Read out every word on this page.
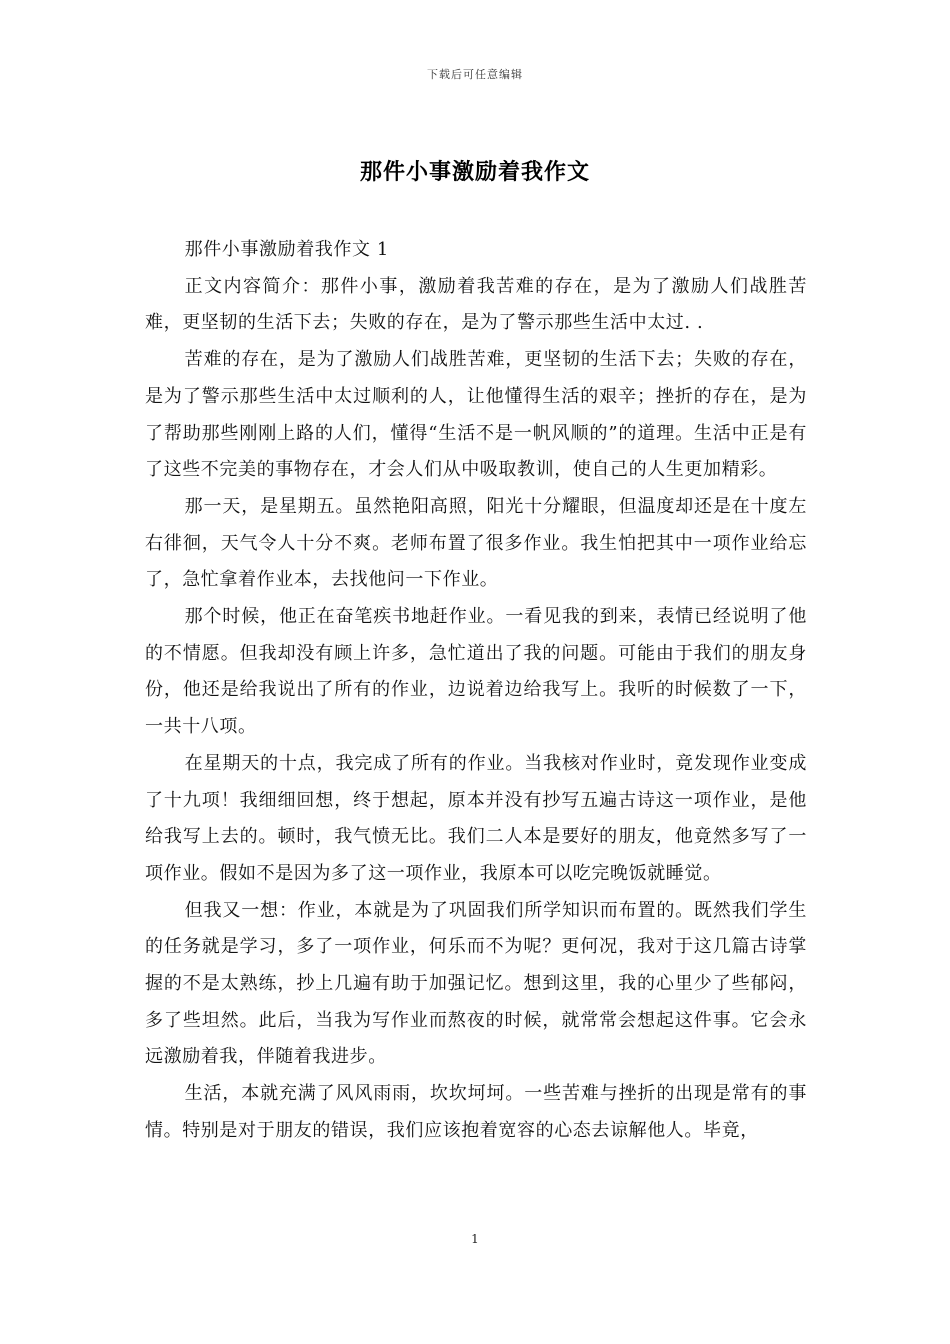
下载后可任意编辑
那件小事激励着我作文

那件小事激励着我作文 1

正文内容简介：那件小事，激励着我苦难的存在，是为了激励人们战胜苦难，更坚韧的生活下去；失败的存在，是为了警示那些生活中太过. .

苦难的存在，是为了激励人们战胜苦难，更坚韧的生活下去；失败的存在，是为了警示那些生活中太过顺利的人，让他懂得生活的艰辛；挫折的存在，是为了帮助那些刚刚上路的人们，懂得“生活不是一帆风顺的”的道理。生活中正是有了这些不完美的事物存在，才会人们从中吸取教训，使自己的人生更加精彩。

那一天，是星期五。虽然艳阳高照，阳光十分耀眼，但温度却还是在十度左右徘徊，天气令人十分不爽。老师布置了很多作业。我生怕把其中一项作业给忘了，急忙拿着作业本，去找他问一下作业。

那个时候，他正在奋笔疾书地赶作业。一看见我的到来，表情已经说明了他的不情愿。但我却没有顾上许多，急忙道出了我的问题。可能由于我们的朋友身份，他还是给我说出了所有的作业，边说着边给我写上。我听的时候数了一下，一共十八项。

在星期天的十点，我完成了所有的作业。当我核对作业时，竟发现作业变成了十九项！我细细回想，终于想起，原本并没有抄写五遍古诗这一项作业，是他给我写上去的。顿时，我气愤无比。我们二人本是要好的朋友，他竟然多写了一项作业。假如不是因为多了这一项作业，我原本可以吃完晚饭就睡觉。

但我又一想：作业，本就是为了巩固我们所学知识而布置的。既然我们学生的任务就是学习，多了一项作业，何乐而不为呢？更何况，我对于这几篇古诗掌握的不是太熟练，抄上几遍有助于加强记忆。想到这里，我的心里少了些郁闷，多了些坦然。此后，当我为写作业而熬夜的时候，就常常会想起这件事。它会永远激励着我，伴随着我进步。

生活，本就充满了风风雨雨，坎坎坷坷。一些苦难与挫折的出现是常有的事情。特别是对于朋友的错误，我们应该抱着宽容的心态去谅解他人。毕竟，

1
